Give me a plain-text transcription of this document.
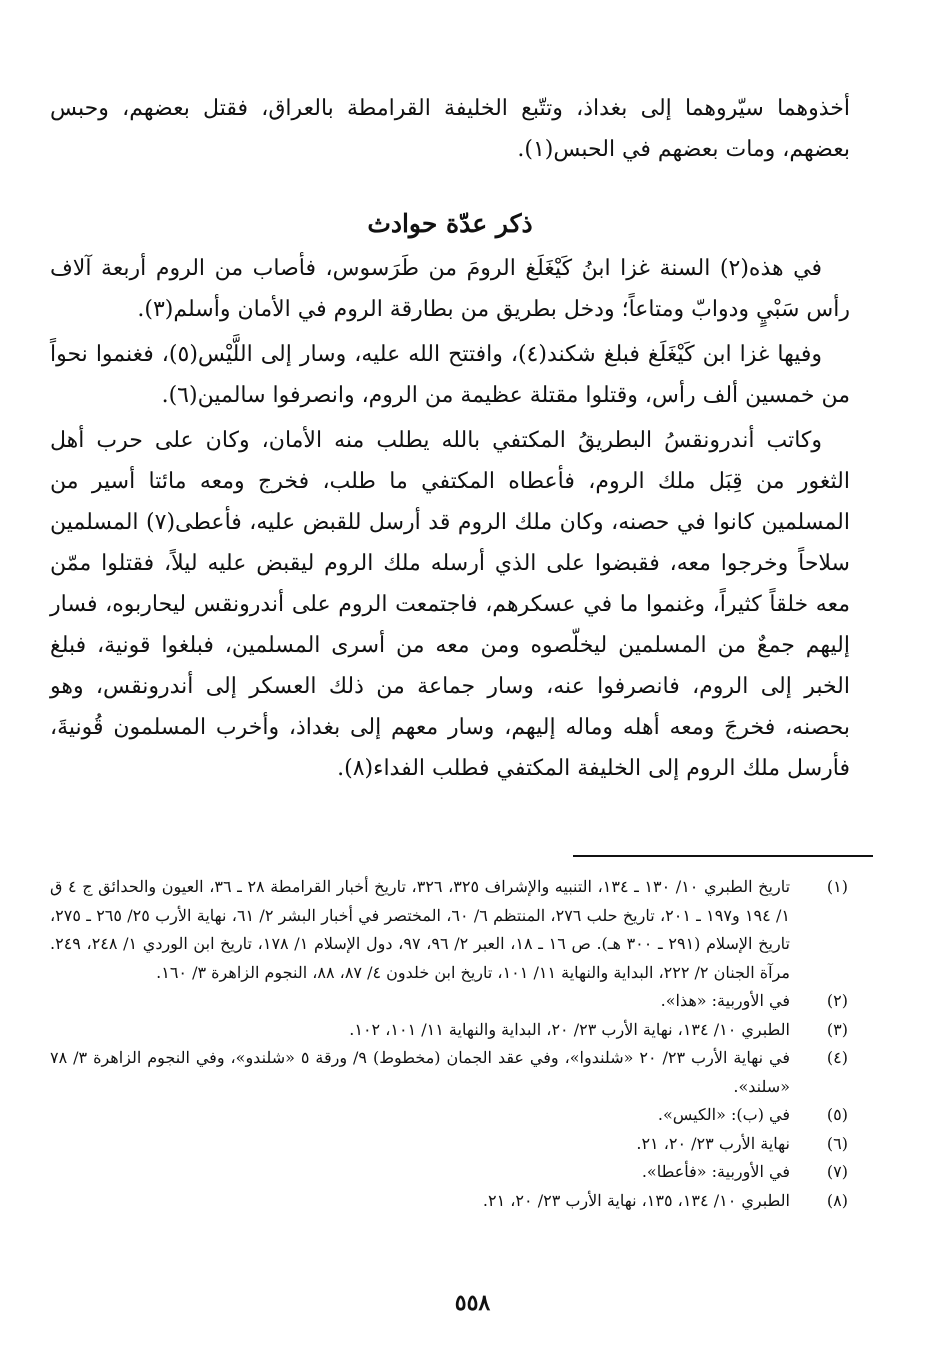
أخذوهما سيّروهما إلى بغداذ، وتتّبع الخليفة القرامطة بالعراق، فقتل بعضهم، وحبس بعضهم، ومات بعضهم في الحبس(١).

ذكر عدّة حوادث

في هذه(٢) السنة غزا ابنُ كَيْغَلَغ الرومَ من طَرَسوس، فأصاب من الروم أربعة آلاف رأس سَبْيٍ ودوابّ ومتاعاً؛ ودخل بطريق من بطارقة الروم في الأمان وأسلم(٣).

وفيها غزا ابن كَيْغَلَغ فبلغ شكند(٤)، وافتتح الله عليه، وسار إلى اللَّيْس(٥)، فغنموا نحواً من خمسين ألف رأس، وقتلوا مقتلة عظيمة من الروم، وانصرفوا سالمين(٦).

وكاتب أندرونقسُ البطريقُ المكتفي بالله يطلب منه الأمان، وكان على حرب أهل الثغور من قِبَل ملك الروم، فأعطاه المكتفي ما طلب، فخرج ومعه مائتا أسير من المسلمين كانوا في حصنه، وكان ملك الروم قد أرسل للقبض عليه، فأعطى(٧) المسلمين سلاحاً وخرجوا معه، فقبضوا على الذي أرسله ملك الروم ليقبض عليه ليلاً، فقتلوا ممّن معه خلقاً كثيراً، وغنموا ما في عسكرهم، فاجتمعت الروم على أندرونقس ليحاربوه، فسار إليهم جمعٌ من المسلمين ليخلّصوه ومن معه من أسرى المسلمين، فبلغوا قونية، فبلغ الخبر إلى الروم، فانصرفوا عنه، وسار جماعة من ذلك العسكر إلى أندرونقس، وهو بحصنه، فخرجَ ومعه أهله وماله إليهم، وسار معهم إلى بغداذ، وأخرب المسلمون قُونيةَ، فأرسل ملك الروم إلى الخليفة المكتفي فطلب الفداء(٨).

(١)
تاريخ الطبري ١٠/ ١٣٠ ـ ١٣٤، التنبيه والإشراف ٣٢٥، ٣٢٦، تاريخ أخبار القرامطة ٢٨ ـ ٣٦، العيون والحدائق ج ٤ ق ١/ ١٩٤ و١٩٧ ـ ٢٠١، تاريخ حلب ٢٧٦، المنتظم ٦/ ٦٠، المختصر في أخبار البشر ٢/ ٦١، نهاية الأرب ٢٥/ ٢٦٥ ـ ٢٧٥، تاريخ الإسلام (٢٩١ ـ ٣٠٠ هـ). ص ١٦ ـ ١٨، العبر ٢/ ٩٦، ٩٧، دول الإسلام ١/ ١٧٨، تاريخ ابن الوردي ١/ ٢٤٨، ٢٤٩. مرآة الجنان ٢/ ٢٢٢، البداية والنهاية ١١/ ١٠١، تاريخ ابن خلدون ٤/ ٨٧، ٨٨، النجوم الزاهرة ٣/ ١٦٠.
(٢)
في الأوربية: «هذا».
(٣)
الطبري ١٠/ ١٣٤، نهاية الأرب ٢٣/ ٢٠، البداية والنهاية ١١/ ١٠١، ١٠٢.
(٤)
في نهاية الأرب ٢٣/ ٢٠ «شلندوا»، وفي عقد الجمان (مخطوط) ٩/ ورقة ٥ «شلندو»، وفي النجوم الزاهرة ٣/ ٧٨ «سلند».
(٥)
في (ب): «الكيس».
(٦)
نهاية الأرب ٢٣/ ٢٠، ٢١.
(٧)
في الأوربية: «فأعطا».
(٨)
الطبري ١٠/ ١٣٤، ١٣٥، نهاية الأرب ٢٣/ ٢٠، ٢١.
٥٥٨
